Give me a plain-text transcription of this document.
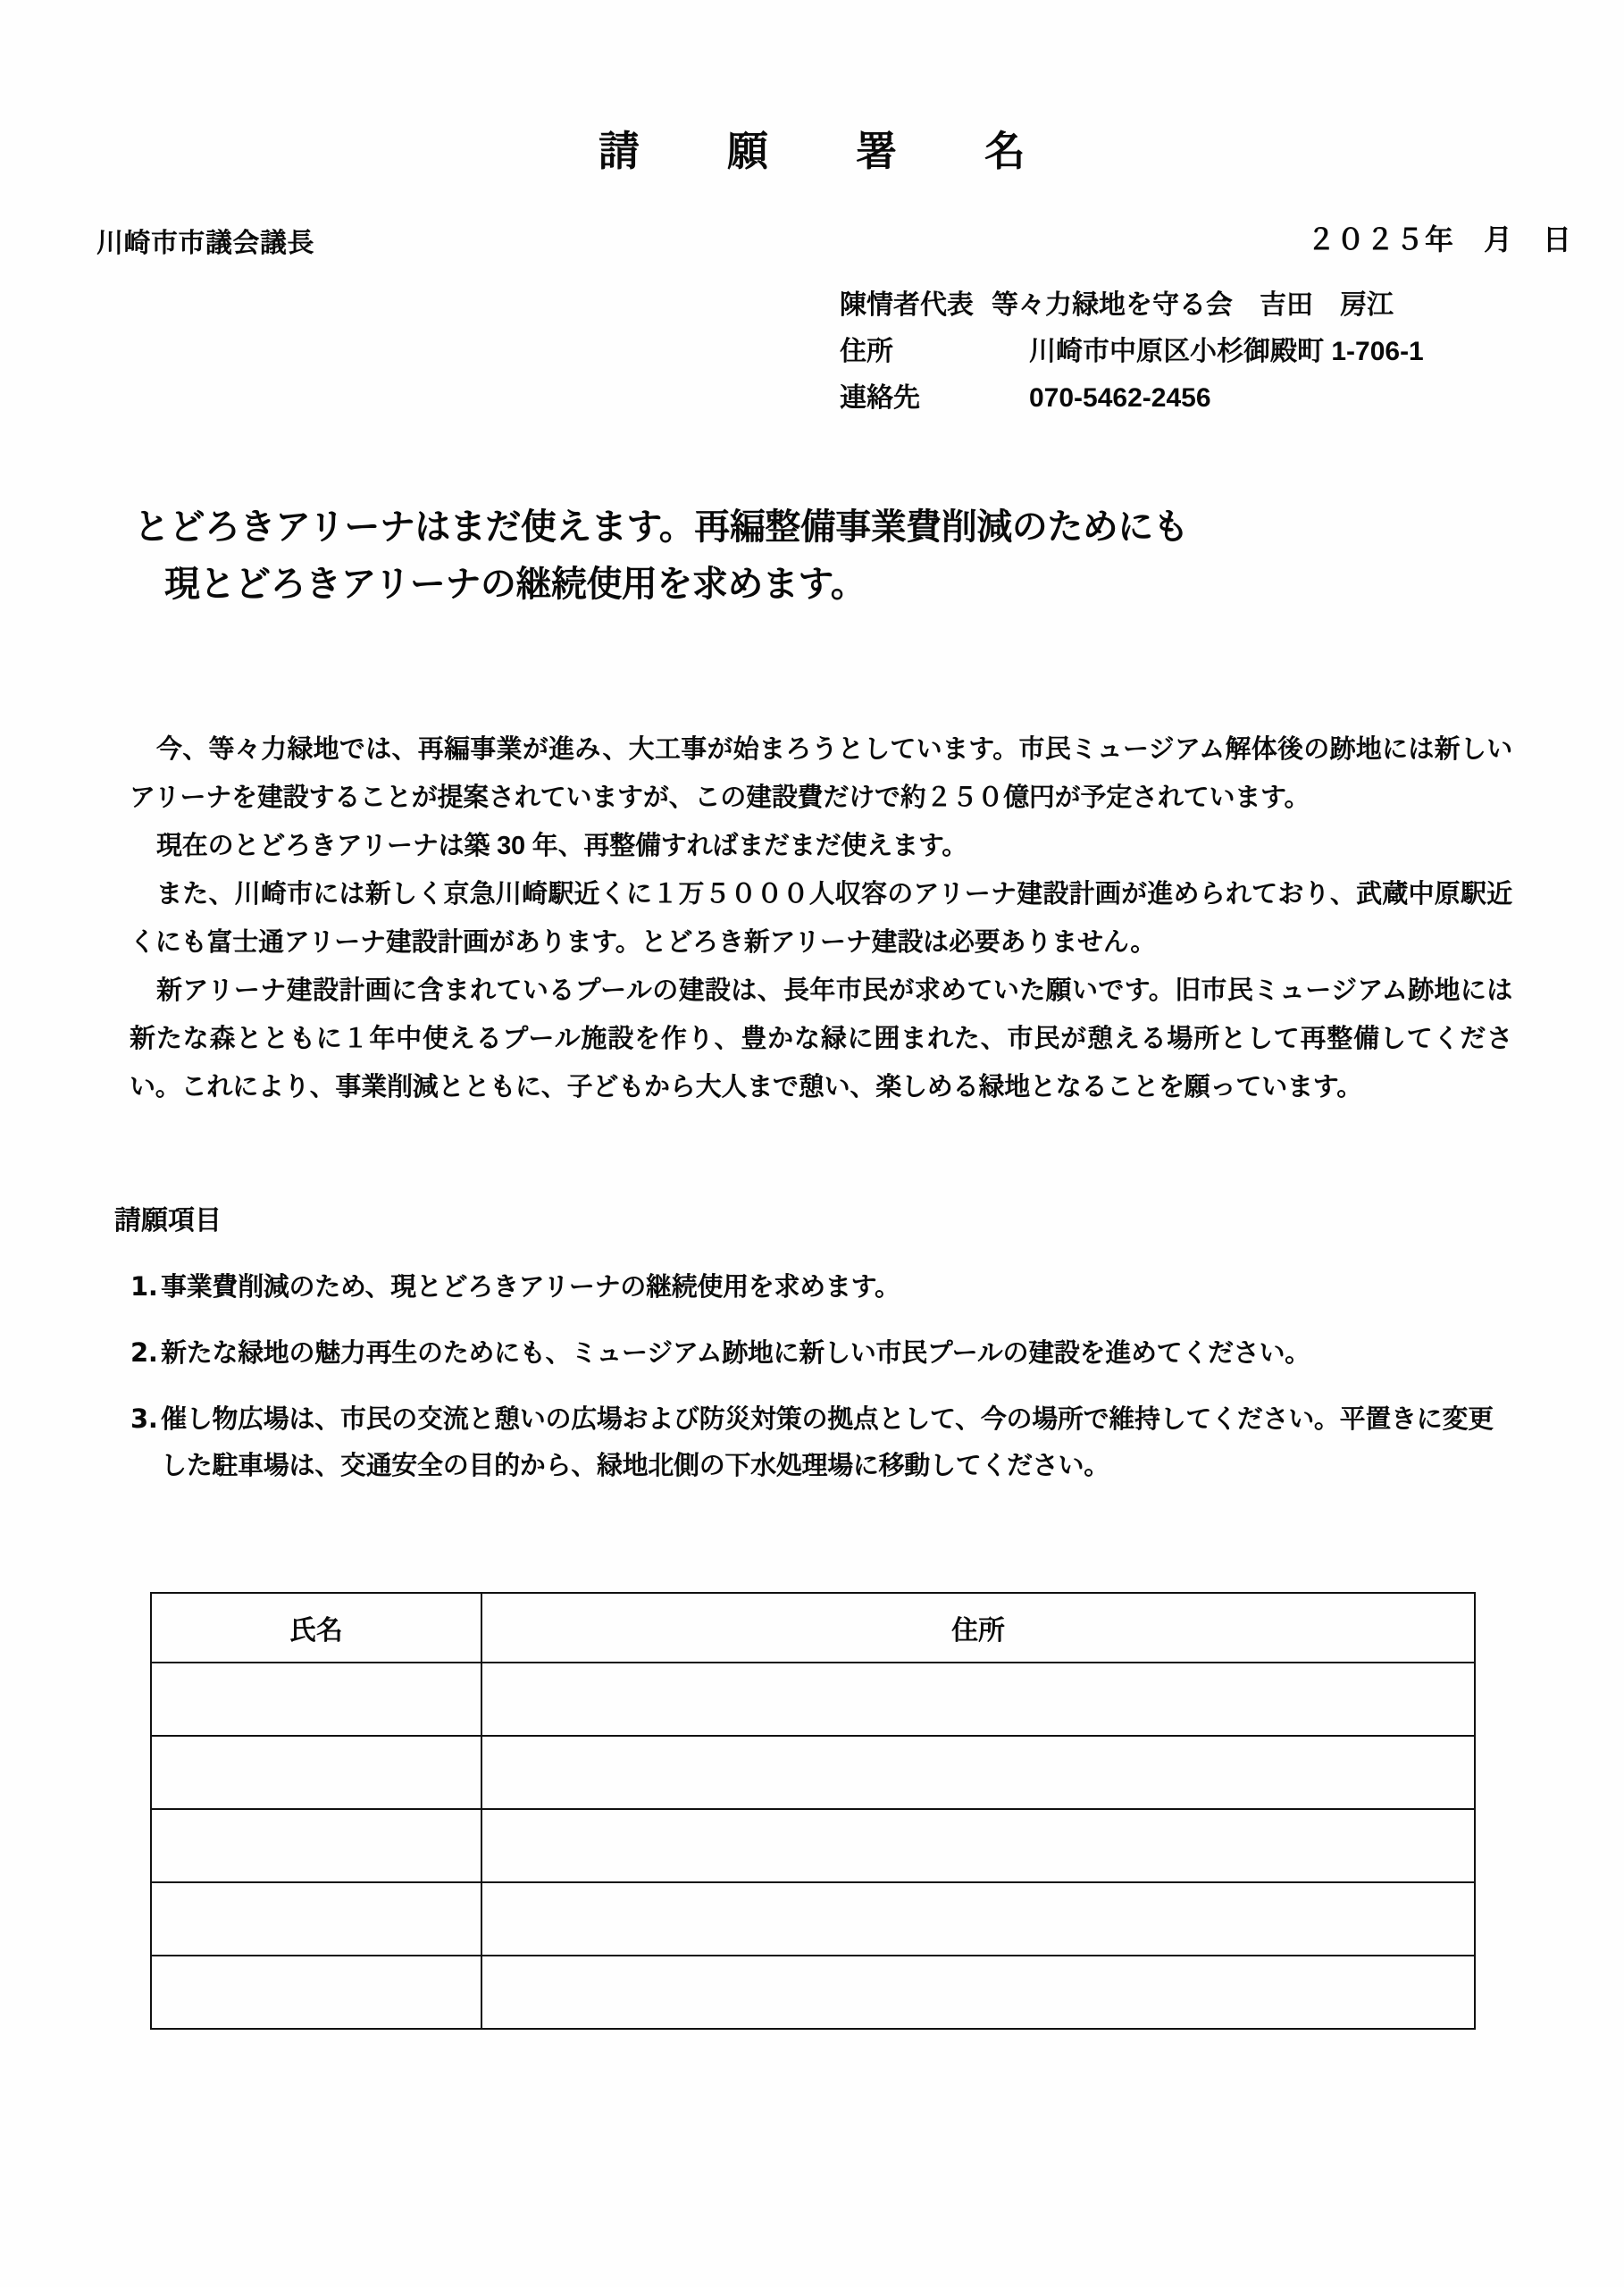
請　願　署　名
川崎市市議会議長	２０２５年　月　日
陳情者代表 等々力緑地を守る会　吉田　房江
住所	川崎市中原区小杉御殿町 1-706-1
連絡先	070-5462-2456
とどろきアリーナはまだ使えます。再編整備事業費削減のためにも
現とどろきアリーナの継続使用を求めます。

今、等々力緑地では、再編事業が進み、大工事が始まろうとしています。市民ミュージアム解体後の跡地には新しいアリーナを建設することが提案されていますが、この建設費だけで約２５０億円が予定されています。

現在のとどろきアリーナは築 30 年、再整備すればまだまだ使えます。

また、川崎市には新しく京急川崎駅近くに１万５０００人収容のアリーナ建設計画が進められており、武蔵中原駅近くにも富士通アリーナ建設計画があります。とどろき新アリーナ建設は必要ありません。

新アリーナ建設計画に含まれているプールの建設は、長年市民が求めていた願いです。旧市民ミュージアム跡地には新たな森とともに１年中使えるプール施設を作り、豊かな緑に囲まれた、市民が憩える場所として再整備してください。これにより、事業削減とともに、子どもから大人まで憩い、楽しめる緑地となることを願っています。

請願項目
1. 事業費削減のため、現とどろきアリーナの継続使用を求めます。
2. 新たな緑地の魅力再生のためにも、ミュージアム跡地に新しい市民プールの建設を進めてください。
3. 催し物広場は、市民の交流と憩いの広場および防災対策の拠点として、今の場所で維持してください。平置きに変更した駐車場は、交通安全の目的から、緑地北側の下水処理場に移動してください。
氏名	住所
